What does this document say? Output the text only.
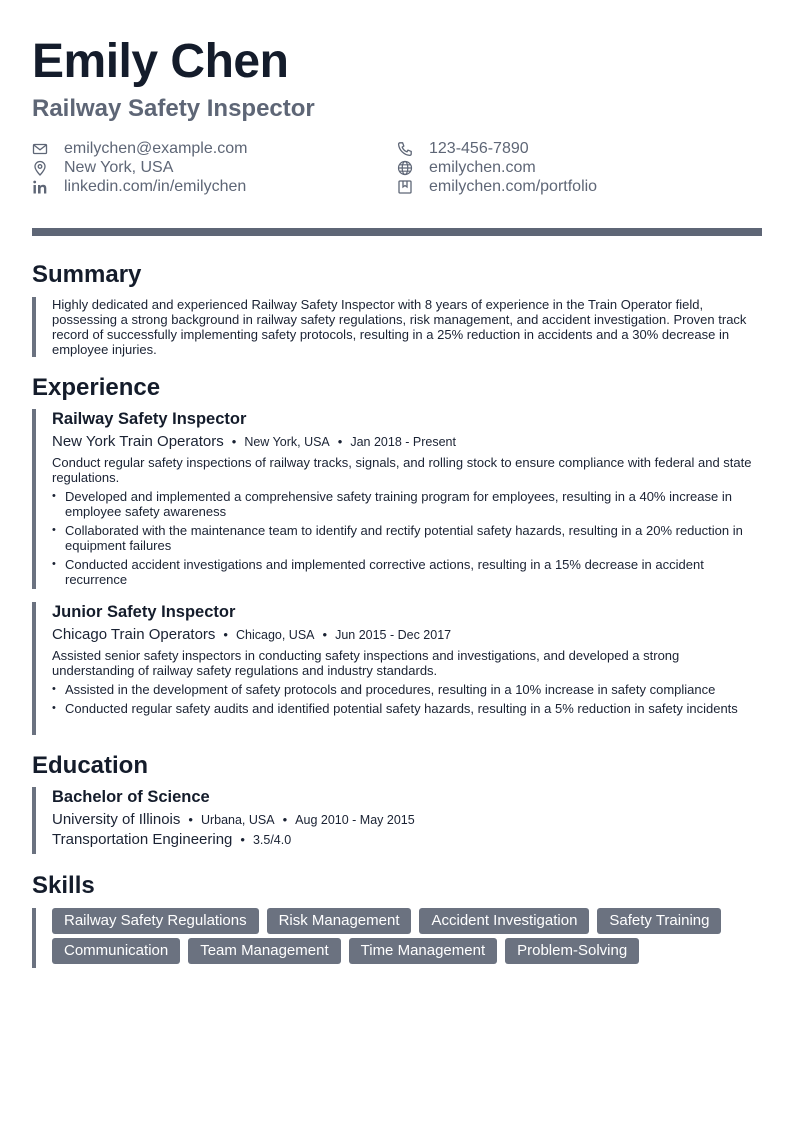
Emily Chen
Railway Safety Inspector
emilychen@example.com
New York, USA
linkedin.com/in/emilychen
123-456-7890
emilychen.com
emilychen.com/portfolio
Summary

Highly dedicated and experienced Railway Safety Inspector with 8 years of experience in the Train Operator field, possessing a strong background in railway safety regulations, risk management, and accident investigation. Proven track record of successfully implementing safety protocols, resulting in a 25% reduction in accidents and a 30% decrease in employee injuries.

Experience
Railway Safety Inspector
New York Train Operators • New York, USA • Jan 2018 - Present

Conduct regular safety inspections of railway tracks, signals, and rolling stock to ensure compliance with federal and state regulations.

• Developed and implemented a comprehensive safety training program for employees, resulting in a 40% increase in employee safety awareness
• Collaborated with the maintenance team to identify and rectify potential safety hazards, resulting in a 20% reduction in equipment failures
• Conducted accident investigations and implemented corrective actions, resulting in a 15% decrease in accident recurrence
Junior Safety Inspector
Chicago Train Operators • Chicago, USA • Jun 2015 - Dec 2017

Assisted senior safety inspectors in conducting safety inspections and investigations, and developed a strong understanding of railway safety regulations and industry standards.

• Assisted in the development of safety protocols and procedures, resulting in a 10% increase in safety compliance
• Conducted regular safety audits and identified potential safety hazards, resulting in a 5% reduction in safety incidents
Education
Bachelor of Science
University of Illinois • Urbana, USA • Aug 2010 - May 2015
Transportation Engineering • 3.5/4.0
Skills
Railway Safety Regulations	Risk Management	Accident Investigation	Safety Training
Communication	Team Management	Time Management	Problem-Solving
